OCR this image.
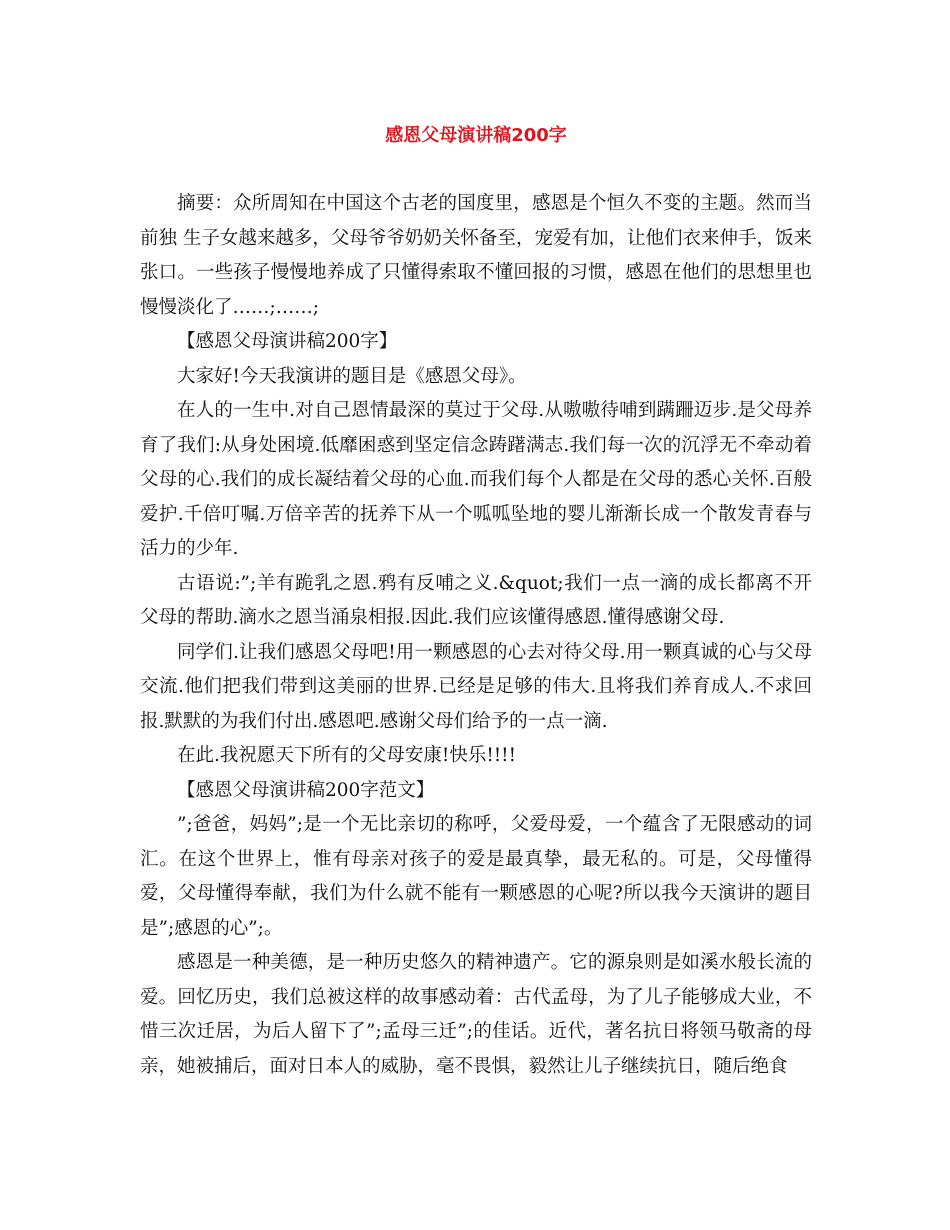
感恩父母演讲稿200字

摘要：众所周知在中国这个古老的国度里，感恩是个恒久不变的主题。然而当前独 生子女越来越多，父母爷爷奶奶关怀备至，宠爱有加，让他们衣来伸手，饭来张口。一些孩子慢慢地养成了只懂得索取不懂回报的习惯，感恩在他们的思想里也 慢慢淡化了……;……;

【感恩父母演讲稿200字】

大家好!今天我演讲的题目是《感恩父母》。

在人的一生中.对自己恩情最深的莫过于父母.从嗷嗷待哺到蹒跚迈步.是父母养育了我们:从身处困境.低靡困惑到坚定信念踌躇满志.我们每一次的沉浮无不牵动着父母的心.我们的成长凝结着父母的心血.而我们每个人都是在父母的悉心关怀.百般爱护.千倍叮嘱.万倍辛苦的抚养下从一个呱呱坠地的婴儿渐渐长成一个散发青春与活力的少年.

古语说:”;羊有跪乳之恩.鸦有反哺之义.&quot;我们一点一滴的成长都离不开父母的帮助.滴水之恩当涌泉相报.因此.我们应该懂得感恩.懂得感谢父母.

同学们.让我们感恩父母吧!用一颗感恩的心去对待父母.用一颗真诚的心与父母交流.他们把我们带到这美丽的世界.已经是足够的伟大.且将我们养育成人.不求回报.默默的为我们付出.感恩吧.感谢父母们给予的一点一滴.

在此.我祝愿天下所有的父母安康!快乐!!!!

【感恩父母演讲稿200字范文】

”;爸爸，妈妈”;是一个无比亲切的称呼，父爱母爱，一个蕴含了无限感动的词汇。在这个世界上，惟有母亲对孩子的爱是最真挚，最无私的。可是，父母懂得爱，父母懂得奉献，我们为什么就不能有一颗感恩的心呢?所以我今天演讲的题目是”;感恩的心”;。

感恩是一种美德，是一种历史悠久的精神遗产。它的源泉则是如溪水般长流的爱。回忆历史，我们总被这样的故事感动着：古代孟母，为了儿子能够成大业，不惜三次迁居，为后人留下了”;孟母三迁”;的佳话。近代，著名抗日将领马敬斋的母亲，她被捕后，面对日本人的威胁，毫不畏惧，毅然让儿子继续抗日，随后绝食
